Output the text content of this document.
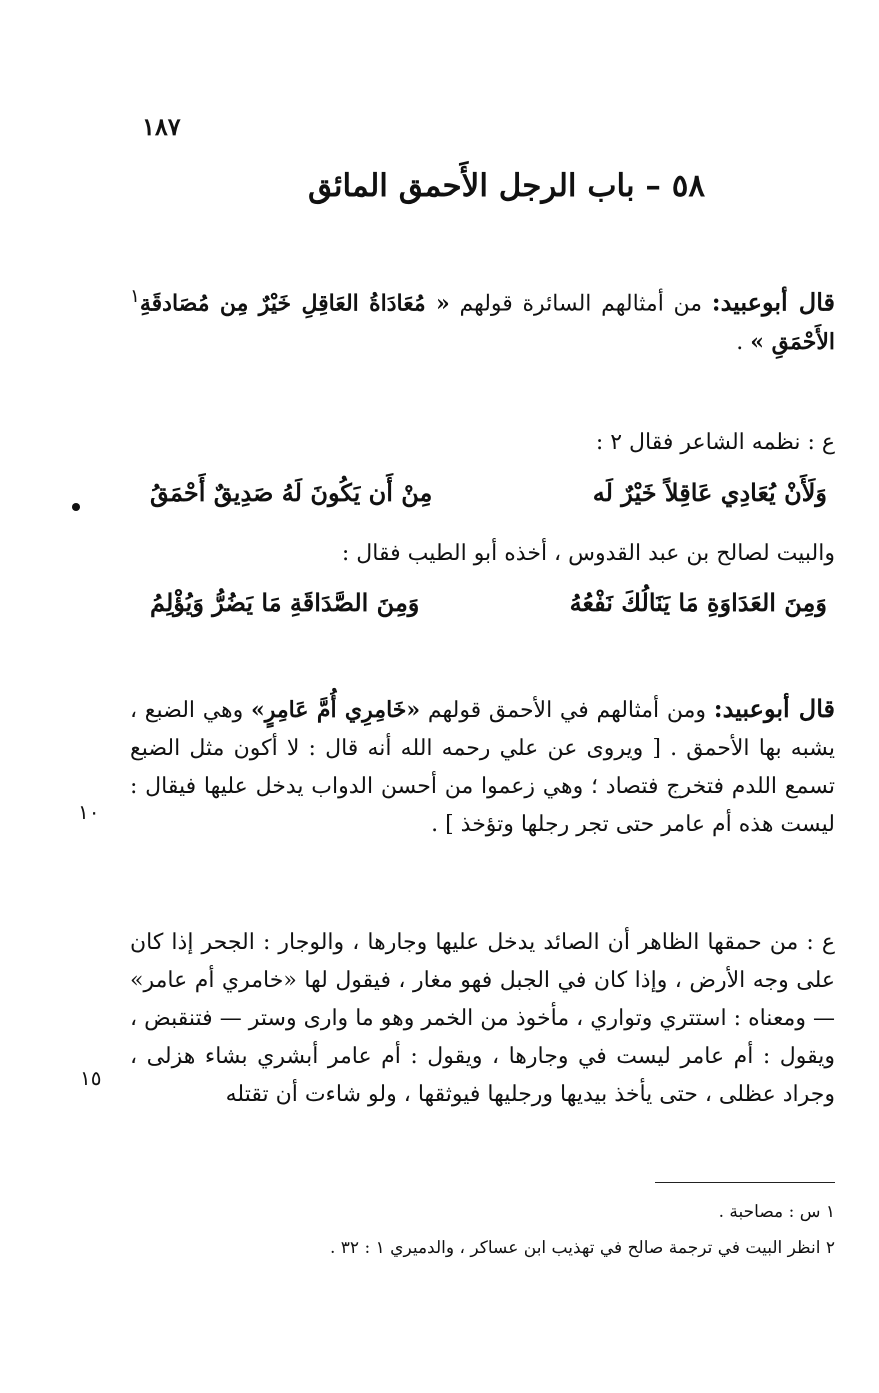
١٨٧
٥٨ – باب الرجل الأَحمق المائق
قال أبوعبيد: من أمثالهم السائرة قولهم « مُعَادَاةُ العَاقِلِ خَيْرٌ مِن مُصَادقَةِ$^١$ الأَحْمَقِ » .
ع : نظمه الشاعر فقال ٢ :
وَلَأَنْ يُعَادِي عَاقِلاً خَيْرٌ لَه
مِنْ أَن يَكُونَ لَهُ صَدِيقٌ أَحْمَقُ
والبيت لصالح بن عبد القدوس ، أخذه أبو الطيب فقال :
وَمِنَ العَدَاوَةِ مَا يَنَالُكَ نَفْعُهُ
وَمِنَ الصَّدَاقَةِ مَا يَضُرُّ وَيُؤْلِمُ
قال أبوعبيد: ومن أمثالهم في الأحمق قولهم «خَامِرِي أُمَّ عَامِرٍ» وهي الضبع ، يشبه بها الأحمق . [ ويروى عن علي رحمه الله أنه قال : لا أكون مثل الضبع تسمع اللدم فتخرج فتصاد ؛ وهي زعموا من أحسن الدواب يدخل عليها فيقال : ليست هذه أم عامر حتى تجر رجلها وتؤخذ ] .
١٠
ع : من حمقها الظاهر أن الصائد يدخل عليها وجارها ، والوجار : الجحر إذا كان على وجه الأرض ، وإذا كان في الجبل فهو مغار ، فيقول لها «خامري أم عامر» — ومعناه : استتري وتواري ، مأخوذ من الخمر وهو ما وارى وستر — فتنقبض ، ويقول : أم عامر ليست في وجارها ، ويقول : أم عامر أبشري بشاء هزلى ، وجراد عظلى ، حتى يأخذ بيديها ورجليها فيوثقها ، ولو شاءت أن تقتله
١٥
١ س : مصاحبة .
٢ انظر البيت في ترجمة صالح في تهذيب ابن عساكر ، والدميري ١ : ٣٢ .
